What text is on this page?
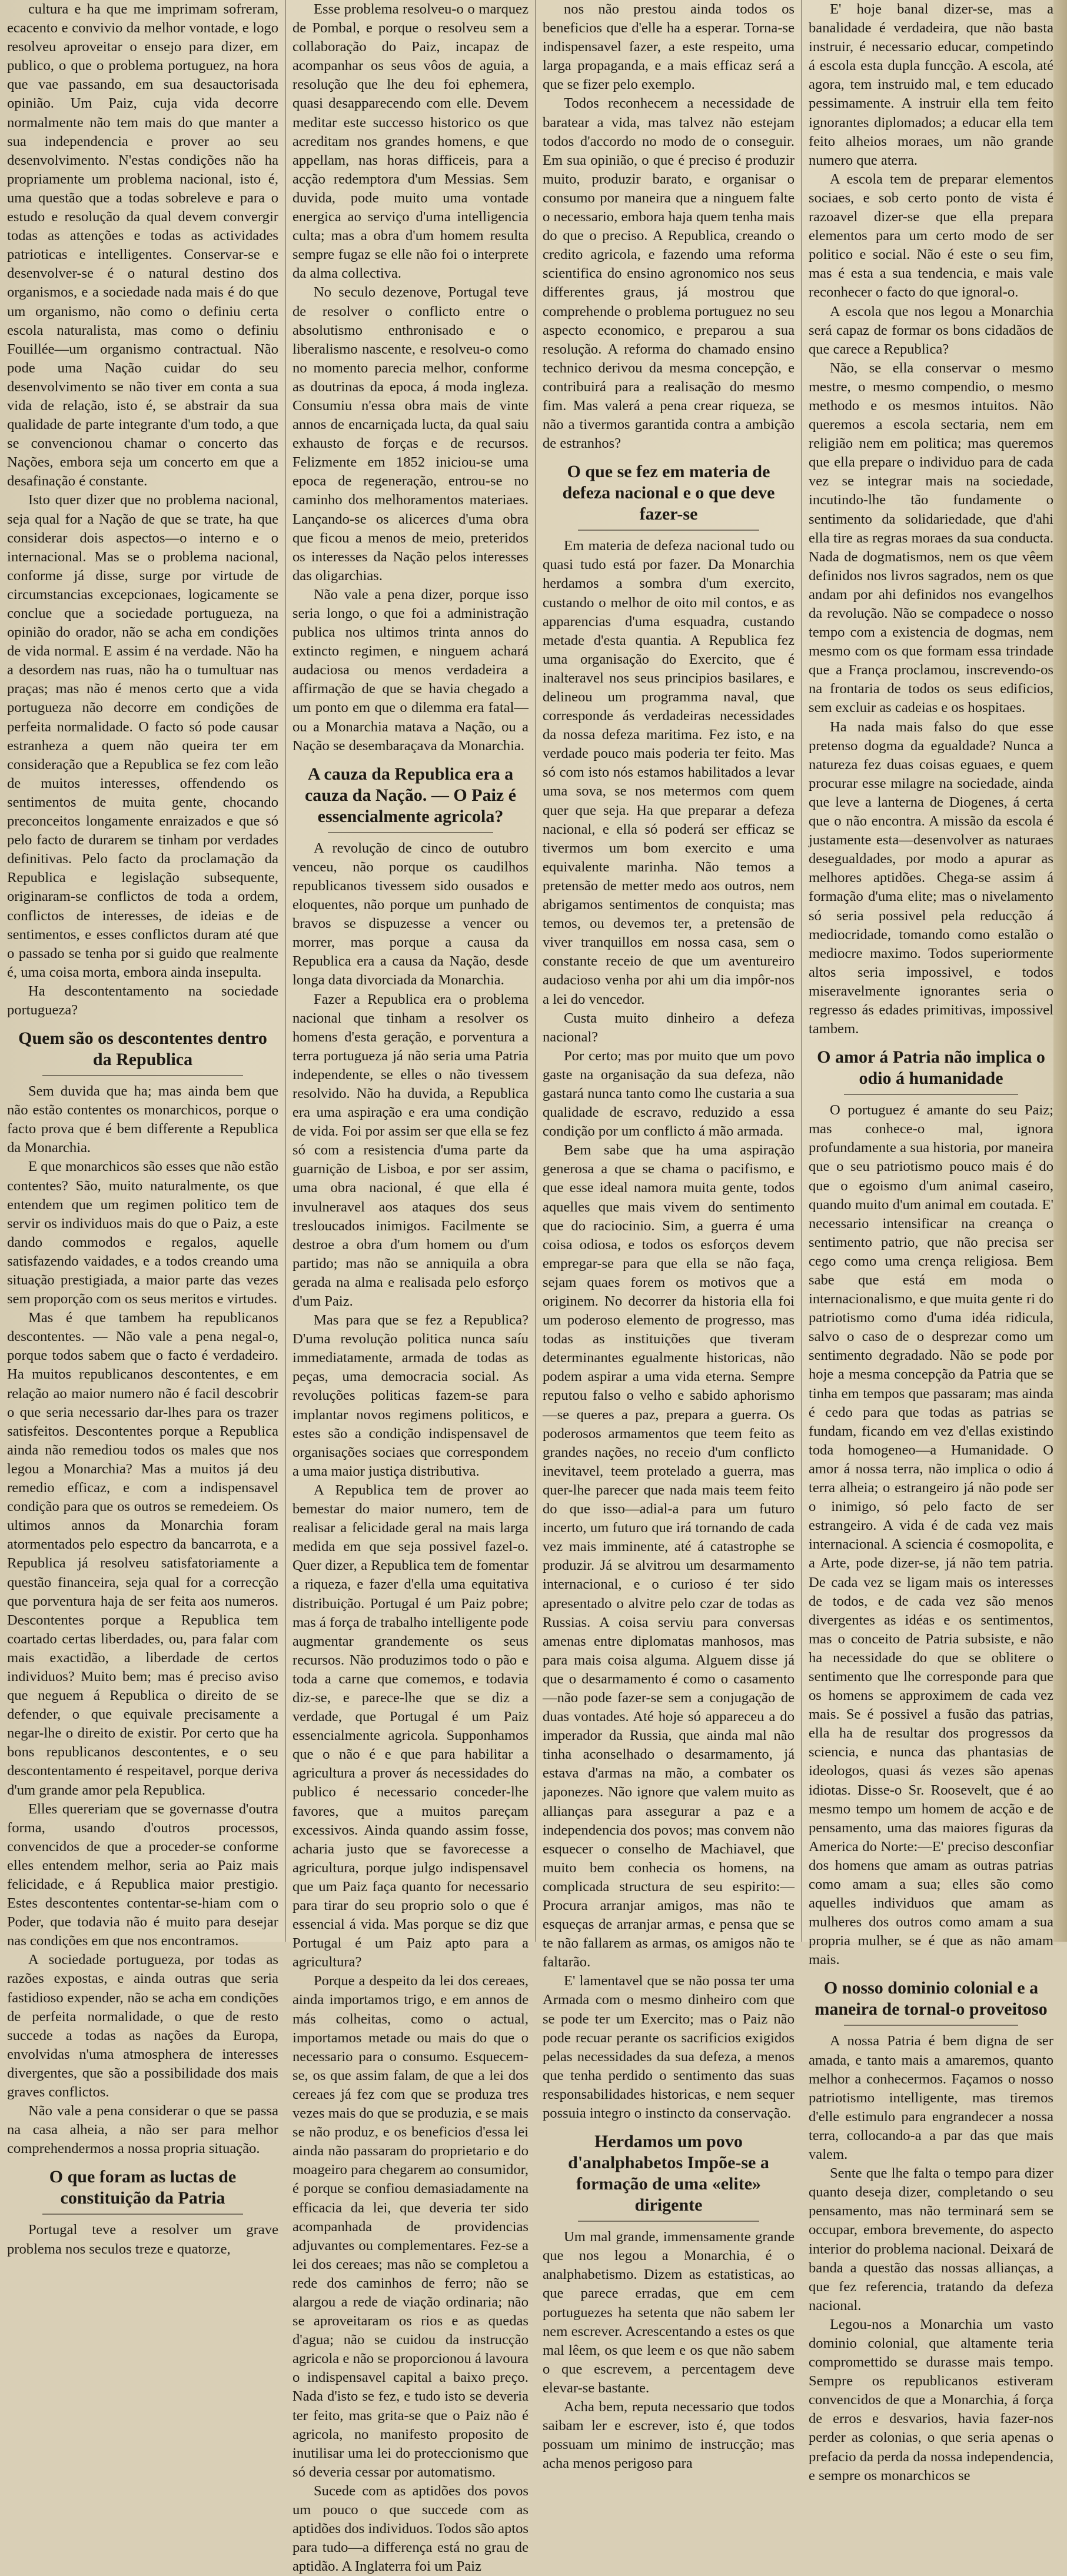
cultura e ha que me imprimam sofreram, ecacento e convivio da melhor vontade, e logo resolveu aproveitar o ensejo para dizer, em publico, o que o problema portuguez, na hora que vae passando, em sua desauctorisada opinião. Um Paiz, cuja vida decorre normalmente não tem mais do que manter a sua independencia e prover ao seu desenvolvimento. N'estas condições não ha propriamente um problema nacional, isto é, uma questão que a todas sobreleve e para o estudo e resolução da qual devem convergir todas as attenções e todas as actividades patrioticas e intelligentes. Conservar-se e desenvolver-se é o natural destino dos organismos, e a sociedade nada mais é do que um organismo, não como o definiu certa escola naturalista, mas como o definiu Fouillée—um organismo contractual. Não pode uma Nação cuidar do seu desenvolvimento se não tiver em conta a sua vida de relação, isto é, se abstrair da sua qualidade de parte integrante d'um todo, a que se convencionou chamar o concerto das Nações, embora seja um concerto em que a desafinação é constante.

Isto quer dizer que no problema nacional, seja qual for a Nação de que se trate, ha que considerar dois aspectos—o interno e o internacional. Mas se o problema nacional, conforme já disse, surge por virtude de circumstancias excepcionaes, logicamente se conclue que a sociedade portugueza, na opinião do orador, não se acha em condições de vida normal. E assim é na verdade. Não ha a desordem nas ruas, não ha o tumultuar nas praças; mas não é menos certo que a vida portugueza não decorre em condições de perfeita normalidade. O facto só pode causar estranheza a quem não queira ter em consideração que a Republica se fez com leão de muitos interesses, offendendo os sentimentos de muita gente, chocando preconceitos longamente enraizados e que só pelo facto de durarem se tinham por verdades definitivas. Pelo facto da proclamação da Republica e legislação subsequente, originaram-se conflictos de toda a ordem, conflictos de interesses, de ideias e de sentimentos, e esses conflictos duram até que o passado se tenha por si guido que realmente é, uma coisa morta, embora ainda insepulta.

Ha descontentamento na sociedade portugueza?

Quem são os descontentes dentro da Republica

Sem duvida que ha; mas ainda bem que não estão contentes os monarchicos, porque o facto prova que é bem differente a Republica da Monarchia.

E que monarchicos são esses que não estão contentes? São, muito naturalmente, os que entendem que um regimen politico tem de servir os individuos mais do que o Paiz, a este dando commodos e regalos, aquelle satisfazendo vaidades, e a todos creando uma situação prestigiada, a maior parte das vezes sem proporção com os seus meritos e virtudes.

Mas é que tambem ha republicanos descontentes. — Não vale a pena negal-o, porque todos sabem que o facto é verdadeiro. Ha muitos republicanos descontentes, e em relação ao maior numero não é facil descobrir o que seria necessario dar-lhes para os trazer satisfeitos. Descontentes porque a Republica ainda não remediou todos os males que nos legou a Monarchia? Mas a muitos já deu remedio efficaz, e com a indispensavel condição para que os outros se remedeiem. Os ultimos annos da Monarchia foram atormentados pelo espectro da bancarrota, e a Republica já resolveu satisfatoriamente a questão financeira, seja qual for a correcção que porventura haja de ser feita aos numeros. Descontentes porque a Republica tem coartado certas liberdades, ou, para falar com mais exactidão, a liberdade de certos individuos? Muito bem; mas é preciso aviso que neguem á Republica o direito de se defender, o que equivale precisamente a negar-lhe o direito de existir. Por certo que ha bons republicanos descontentes, e o seu descontentamento é respeitavel, porque deriva d'um grande amor pela Republica.

Elles quereriam que se governasse d'outra forma, usando d'outros processos, convencidos de que a proceder-se conforme elles entendem melhor, seria ao Paiz mais felicidade, e á Republica maior prestigio. Estes descontentes contentar-se-hiam com o Poder, que todavia não é muito para desejar nas condições em que nos encontramos.

A sociedade portugueza, por todas as razões expostas, e ainda outras que seria fastidioso expender, não se acha em condições de perfeita normalidade, o que de resto succede a todas as nações da Europa, envolvidas n'uma atmosphera de interesses divergentes, que são a possibilidade dos mais graves conflictos.

Não vale a pena considerar o que se passa na casa alheia, a não ser para melhor comprehendermos a nossa propria situação.

O que foram as luctas de constituição da Patria

Portugal teve a resolver um grave problema nos seculos treze e quatorze,

Esse problema resolveu-o o marquez de Pombal, e porque o resolveu sem a collaboração do Paiz, incapaz de acompanhar os seus vôos de aguia, a resolução que lhe deu foi ephemera, quasi desapparecendo com elle. Devem meditar este successo historico os que acreditam nos grandes homens, e que appellam, nas horas difficeis, para a acção redemptora d'um Messias. Sem duvida, pode muito uma vontade energica ao serviço d'uma intelligencia culta; mas a obra d'um homem resulta sempre fugaz se elle não foi o interprete da alma collectiva.

No seculo dezenove, Portugal teve de resolver o conflicto entre o absolutismo enthronisado e o liberalismo nascente, e resolveu-o como no momento parecia melhor, conforme as doutrinas da epoca, á moda ingleza. Consumiu n'essa obra mais de vinte annos de encarniçada lucta, da qual saiu exhausto de forças e de recursos. Felizmente em 1852 iniciou-se uma epoca de regeneração, entrou-se no caminho dos melhoramentos materiaes. Lançando-se os alicerces d'uma obra que ficou a menos de meio, preteridos os interesses da Nação pelos interesses das oligarchias.

Não vale a pena dizer, porque isso seria longo, o que foi a administração publica nos ultimos trinta annos do extincto regimen, e ninguem achará audaciosa ou menos verdadeira a affirmação de que se havia chegado a um ponto em que o dilemma era fatal—ou a Monarchia matava a Nação, ou a Nação se desembaraçava da Monarchia.

A cauza da Republica era a cauza da Nação. — O Paiz é essencialmente agricola?

A revolução de cinco de outubro venceu, não porque os caudilhos republicanos tivessem sido ousados e eloquentes, não porque um punhado de bravos se dispuzesse a vencer ou morrer, mas porque a causa da Republica era a causa da Nação, desde longa data divorciada da Monarchia.

Fazer a Republica era o problema nacional que tinham a resolver os homens d'esta geração, e porventura a terra portugueza já não seria uma Patria independente, se elles o não tivessem resolvido. Não ha duvida, a Republica era uma aspiração e era uma condição de vida. Foi por assim ser que ella se fez só com a resistencia d'uma parte da guarnição de Lisboa, e por ser assim, uma obra nacional, é que ella é invulneravel aos ataques dos seus tresloucados inimigos. Facilmente se destroe a obra d'um homem ou d'um partido; mas não se anniquila a obra gerada na alma e realisada pelo esforço d'um Paiz.

Mas para que se fez a Republica? D'uma revolução politica nunca saíu immediatamente, armada de todas as peças, uma democracia social. As revoluções politicas fazem-se para implantar novos regimens politicos, e estes são a condição indispensavel de organisações sociaes que correspondem a uma maior justiça distributiva.

A Republica tem de prover ao bemestar do maior numero, tem de realisar a felicidade geral na mais larga medida em que seja possivel fazel-o. Quer dizer, a Republica tem de fomentar a riqueza, e fazer d'ella uma equitativa distribuição. Portugal é um Paiz pobre; mas á força de trabalho intelligente pode augmentar grandemente os seus recursos. Não produzimos todo o pão e toda a carne que comemos, e todavia diz-se, e parece-lhe que se diz a verdade, que Portugal é um Paiz essencialmente agricola. Supponhamos que o não é e que para habilitar a agricultura a prover ás necessidades do publico é necessario conceder-lhe favores, que a muitos pareçam excessivos. Ainda quando assim fosse, acharia justo que se favorecesse a agricultura, porque julgo indispensavel que um Paiz faça quanto for necessario para tirar do seu proprio solo o que é essencial á vida. Mas porque se diz que Portugal é um Paiz apto para a agricultura?

Porque a despeito da lei dos cereaes, ainda importamos trigo, e em annos de más colheitas, como o actual, importamos metade ou mais do que o necessario para o consumo. Esquecem-se, os que assim falam, de que a lei dos cereaes já fez com que se produza tres vezes mais do que se produzia, e se mais se não produz, e os beneficios d'essa lei ainda não passaram do proprietario e do moageiro para chegarem ao consumidor, é porque se confiou demasiadamente na efficacia da lei, que deveria ter sido acompanhada de providencias adjuvantes ou complementares. Fez-se a lei dos cereaes; mas não se completou a rede dos caminhos de ferro; não se alargou a rede de viação ordinaria; não se aproveitaram os rios e as quedas d'agua; não se cuidou da instrucção agricola e não se proporcionou á lavoura o indispensavel capital a baixo preço. Nada d'isto se fez, e tudo isto se deveria ter feito, mas grita-se que o Paiz não é agricola, no manifesto proposito de inutilisar uma lei do proteccionismo que só deveria cessar por automatismo.

Sucede com as aptidões dos povos um pouco o que succede com as aptidões dos individuos. Todos são aptos para tudo—a differença está no grau de aptidão. A Inglaterra foi um Paiz

nos não prestou ainda todos os beneficios que d'elle ha a esperar. Torna-se indispensavel fazer, a este respeito, uma larga propaganda, e a mais efficaz será a que se fizer pelo exemplo.

Todos reconhecem a necessidade de baratear a vida, mas talvez não estejam todos d'accordo no modo de o conseguir. Em sua opinião, o que é preciso é produzir muito, produzir barato, e organisar o consumo por maneira que a ninguem falte o necessario, embora haja quem tenha mais do que o preciso. A Republica, creando o credito agricola, e fazendo uma reforma scientifica do ensino agronomico nos seus differentes graus, já mostrou que comprehende o problema portuguez no seu aspecto economico, e preparou a sua resolução. A reforma do chamado ensino technico derivou da mesma concepção, e contribuirá para a realisação do mesmo fim. Mas valerá a pena crear riqueza, se não a tivermos garantida contra a ambição de estranhos?

O que se fez em materia de defeza nacional e o que deve fazer-se

Em materia de defeza nacional tudo ou quasi tudo está por fazer. Da Monarchia herdamos a sombra d'um exercito, custando o melhor de oito mil contos, e as apparencias d'uma esquadra, custando metade d'esta quantia. A Republica fez uma organisação do Exercito, que é inalteravel nos seus principios basilares, e delineou um programma naval, que corresponde ás verdadeiras necessidades da nossa defeza maritima. Fez isto, e na verdade pouco mais poderia ter feito. Mas só com isto nós estamos habilitados a levar uma sova, se nos metermos com quem quer que seja. Ha que preparar a defeza nacional, e ella só poderá ser efficaz se tivermos um bom exercito e uma equivalente marinha. Não temos a pretensão de metter medo aos outros, nem abrigamos sentimentos de conquista; mas temos, ou devemos ter, a pretensão de viver tranquillos em nossa casa, sem o constante receio de que um aventureiro audacioso venha por ahi um dia impôr-nos a lei do vencedor.

Custa muito dinheiro a defeza nacional?

Por certo; mas por muito que um povo gaste na organisação da sua defeza, não gastará nunca tanto como lhe custaria a sua qualidade de escravo, reduzido a essa condição por um conflicto á mão armada.

Bem sabe que ha uma aspiração generosa a que se chama o pacifismo, e que esse ideal namora muita gente, todos aquelles que mais vivem do sentimento que do raciocinio. Sim, a guerra é uma coisa odiosa, e todos os esforços devem empregar-se para que ella se não faça, sejam quaes forem os motivos que a originem. No decorrer da historia ella foi um poderoso elemento de progresso, mas todas as instituições que tiveram determinantes egualmente historicas, não podem aspirar a uma vida eterna. Sempre reputou falso o velho e sabido aphorismo—se queres a paz, prepara a guerra. Os poderosos armamentos que teem feito as grandes nações, no receio d'um conflicto inevitavel, teem protelado a guerra, mas quer-lhe parecer que nada mais teem feito do que isso—adial-a para um futuro incerto, um futuro que irá tornando de cada vez mais imminente, até á catastrophe se produzir. Já se alvitrou um desarmamento internacional, e o curioso é ter sido apresentado o alvitre pelo czar de todas as Russias. A coisa serviu para conversas amenas entre diplomatas manhosos, mas para mais coisa alguma. Alguem disse já que o desarmamento é como o casamento—não pode fazer-se sem a conjugação de duas vontades. Até hoje só appareceu a do imperador da Russia, que ainda mal não tinha aconselhado o desarmamento, já estava d'armas na mão, a combater os japonezes. Não ignore que valem muito as allianças para assegurar a paz e a independencia dos povos; mas convem não esquecer o conselho de Machiavel, que muito bem conhecia os homens, na complicada structura de seu espirito:—Procura arranjar amigos, mas não te esqueças de arranjar armas, e pensa que se te não fallarem as armas, os amigos não te faltarão.

E' lamentavel que se não possa ter uma Armada com o mesmo dinheiro com que se pode ter um Exercito; mas o Paiz não pode recuar perante os sacrificios exigidos pelas necessidades da sua defeza, a menos que tenha perdido o sentimento das suas responsabilidades historicas, e nem sequer possuia integro o instincto da conservação.

Herdamos um povo d'analphabetos Impõe-se a formação de uma «elite» dirigente

Um mal grande, immensamente grande que nos legou a Monarchia, é o analphabetismo. Dizem as estatisticas, ao que parece erradas, que em cem portuguezes ha setenta que não sabem ler nem escrever. Acrescentando a estes os que mal lêem, os que leem e os que não sabem o que escrevem, a percentagem deve elevar-se bastante.

Acha bem, reputa necessario que todos saibam ler e escrever, isto é, que todos possuam um minimo de instrucção; mas acha menos perigoso para

E' hoje banal dizer-se, mas a banalidade é verdadeira, que não basta instruir, é necessario educar, competindo á escola esta dupla funcção. A escola, até agora, tem instruido mal, e tem educado pessimamente. A instruir ella tem feito ignorantes diplomados; a educar ella tem feito alheios moraes, um não grande numero que aterra.

A escola tem de preparar elementos sociaes, e sob certo ponto de vista é razoavel dizer-se que ella prepara elementos para um certo modo de ser politico e social. Não é este o seu fim, mas é esta a sua tendencia, e mais vale reconhecer o facto do que ignoral-o.

A escola que nos legou a Monarchia será capaz de formar os bons cidadãos de que carece a Republica?

Não, se ella conservar o mesmo mestre, o mesmo compendio, o mesmo methodo e os mesmos intuitos. Não queremos a escola sectaria, nem em religião nem em politica; mas queremos que ella prepare o individuo para de cada vez se integrar mais na sociedade, incutindo-lhe tão fundamente o sentimento da solidariedade, que d'ahi ella tire as regras moraes da sua conducta. Nada de dogmatismos, nem os que vêem definidos nos livros sagrados, nem os que andam por ahi definidos nos evangelhos da revolução. Não se compadece o nosso tempo com a existencia de dogmas, nem mesmo com os que formam essa trindade que a França proclamou, inscrevendo-os na frontaria de todos os seus edificios, sem excluir as cadeias e os hospitaes.

Ha nada mais falso do que esse pretenso dogma da egualdade? Nunca a natureza fez duas coisas eguaes, e quem procurar esse milagre na sociedade, ainda que leve a lanterna de Diogenes, á certa que o não encontra. A missão da escola é justamente esta—desenvolver as naturaes desegualdades, por modo a apurar as melhores aptidões. Chega-se assim á formação d'uma elite; mas o nivelamento só seria possivel pela reducção á mediocridade, tomando como estalão o mediocre maximo. Todos superiormente altos seria impossivel, e todos miseravelmente ignorantes seria o regresso ás edades primitivas, impossivel tambem.

O amor á Patria não implica o odio á humanidade

O portuguez é amante do seu Paiz; mas conhece-o mal, ignora profundamente a sua historia, por maneira que o seu patriotismo pouco mais é do que o egoismo d'um animal caseiro, quando muito d'um animal em coutada. E' necessario intensificar na creança o sentimento patrio, que não precisa ser cego como uma crença religiosa. Bem sabe que está em moda o internacionalismo, e que muita gente ri do patriotismo como d'uma idéa ridicula, salvo o caso de o desprezar como um sentimento degradado. Não se pode por hoje a mesma concepção da Patria que se tinha em tempos que passaram; mas ainda é cedo para que todas as patrias se fundam, ficando em vez d'ellas existindo toda homogeneo—a Humanidade. O amor á nossa terra, não implica o odio á terra alheia; o estrangeiro já não pode ser o inimigo, só pelo facto de ser estrangeiro. A vida é de cada vez mais internacional. A sciencia é cosmopolita, e a Arte, pode dizer-se, já não tem patria. De cada vez se ligam mais os interesses de todos, e de cada vez são menos divergentes as idéas e os sentimentos, mas o conceito de Patria subsiste, e não ha necessidade do que se oblitere o sentimento que lhe corresponde para que os homens se approximem de cada vez mais. Se é possivel a fusão das patrias, ella ha de resultar dos progressos da sciencia, e nunca das phantasias de ideologos, quasi ás vezes são apenas idiotas. Disse-o Sr. Roosevelt, que é ao mesmo tempo um homem de acção e de pensamento, uma das maiores figuras da America do Norte:—E' preciso desconfiar dos homens que amam as outras patrias como amam a sua; elles são como aquelles individuos que amam as mulheres dos outros como amam a sua propria mulher, se é que as não amam mais.

O nosso dominio colonial e a maneira de tornal-o proveitoso

A nossa Patria é bem digna de ser amada, e tanto mais a amaremos, quanto melhor a conhecermos. Façamos o nosso patriotismo intelligente, mas tiremos d'elle estimulo para engrandecer a nossa terra, collocando-a a par das que mais valem.

Sente que lhe falta o tempo para dizer quanto deseja dizer, completando o seu pensamento, mas não terminará sem se occupar, embora brevemente, do aspecto interior do problema nacional. Deixará de banda a questão das nossas allianças, a que fez referencia, tratando da defeza nacional.

Legou-nos a Monarchia um vasto dominio colonial, que altamente teria compromettido se durasse mais tempo. Sempre os republicanos estiveram convencidos de que a Monarchia, á força de erros e desvarios, havia fazer-nos perder as colonias, o que seria apenas o prefacio da perda da nossa independencia, e sempre os monarchicos se
